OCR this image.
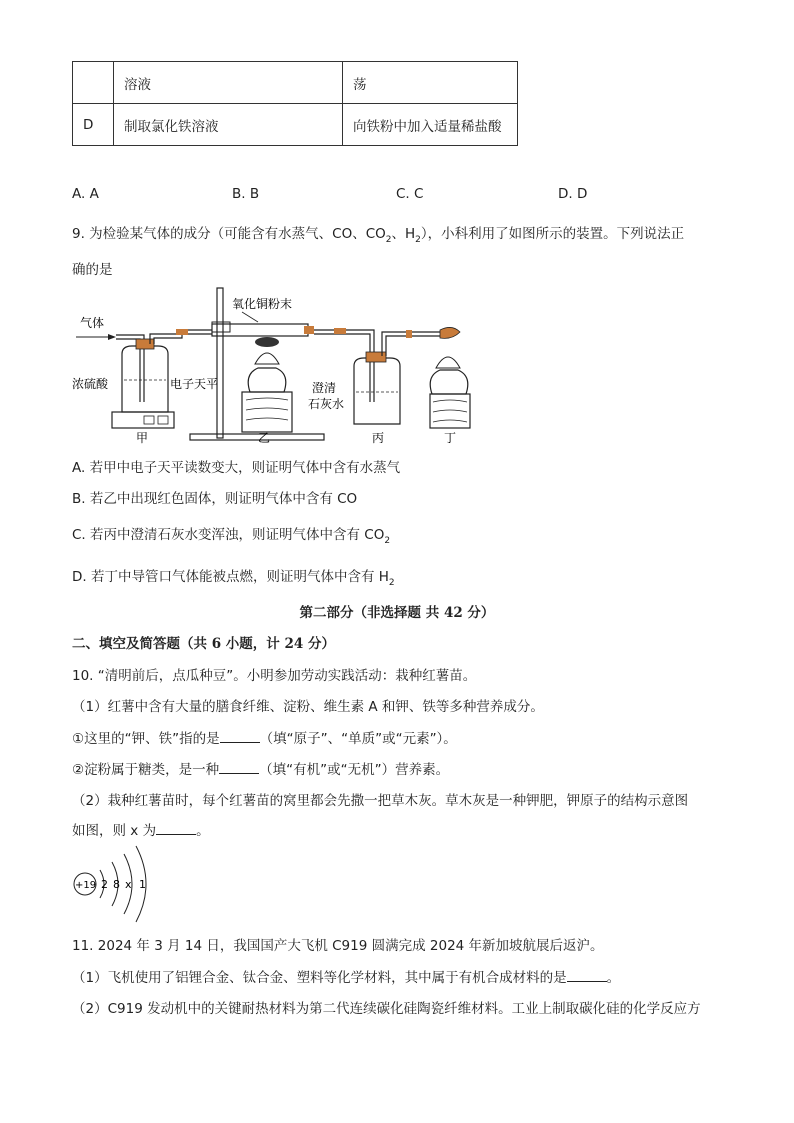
	溶液	荡
D	制取氯化铁溶液	向铁粉中加入适量稀盐酸
A. A	B. B	C. C	D. D
9. 为检验某气体的成分（可能含有水蒸气、CO、$CO_2$、$H_2$），小科利用了如图所示的装置。下列说法正
确的是
气体
浓硫酸	电子天平
甲
氧化铜粉末
乙
澄清
石灰水
丙	丁
A. 若甲中电子天平读数变大，则证明气体中含有水蒸气
B. 若乙中出现红色固体，则证明气体中含有 CO
C. 若丙中澄清石灰水变浑浊，则证明气体中含有 $CO_2$
D. 若丁中导管口气体能被点燃，则证明气体中含有 $H_2$
第二部分（非选择题 共 42 分）
二、填空及简答题（共 6 小题，计 24 分）
10. “清明前后，点瓜种豆”。小明参加劳动实践活动：栽种红薯苗。
（1）红薯中含有大量的膳食纤维、淀粉、维生素 A 和钾、铁等多种营养成分。
①这里的“钾、铁”指的是	（填“原子”、“单质”或“元素”）。
②淀粉属于糖类，是一种	（填“有机”或“无机”）营养素。
（2）栽种红薯苗时，每个红薯苗的窝里都会先撒一把草木灰。草木灰是一种钾肥，钾原子的结构示意图
如图，则 x 为	。
+19 2 8 x 1
11. 2024 年 3 月 14 日，我国国产大飞机 C919 圆满完成 2024 年新加坡航展后返沪。
（1）飞机使用了铝锂合金、钛合金、塑料等化学材料，其中属于有机合成材料的是	。
（2）C919 发动机中的关键耐热材料为第二代连续碳化硅陶瓷纤维材料。工业上制取碳化硅的化学反应方
